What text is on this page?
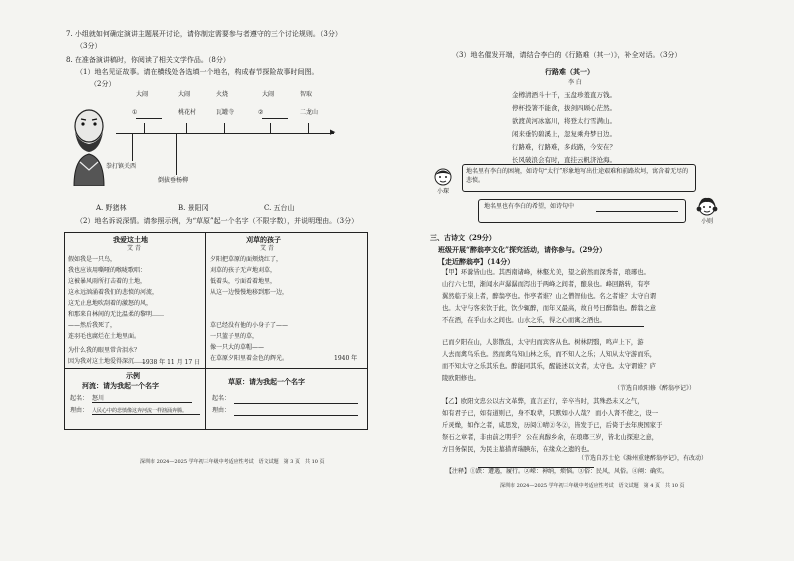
7. 小组就如何确定演讲主题展开讨论，请你制定需要参与者遵守的三个讨论规则。（3分）
（3分）
8. 在准备演讲稿时，你阅读了相关文学作品。（8分）
（1）地名见证故事。请在横线处各选填一个地名，构成春节探险故事时间图。
（2分）
大闹	大闹	火烧	大闹	智取
①	桃花村	瓦罐寺	②	二龙山
▶
拳打镇关西
倒拔垂杨柳
A. 野猪林	B. 景阳冈	C. 五台山
（2）地名诉说深情。请参照示例，为“草原”起一个名字（不限字数），并说明理由。（3分）
我爱这土地
艾 青
假如我是一只鸟，
我也应该用嘶哑的喉咙歌唱：
这被暴风雨所打击着的土地，
这永远汹涌着我们的悲愤的河流，
这无止息地吹刮着的激怒的风，
和那来自林间的无比温柔的黎明……
——然后我死了，
连羽毛也腐烂在土地里面。
为什么我的眼里常含泪水？
因为我对这土地爱得深沉……
1938 年 11 月 17 日
刈草的孩子
艾 青
夕阳把草原的面颊烧红了，
刈草的孩子无声地刈草，
低着头，亏面看着地里，
从这一边慢慢地移到那一边，
草已经没有他的小身子了——
一只篮子里的草，
像一只大的草帽——
在草原夕阳里着金色的辉光。	1940 年
示例
河流：请为我起一个名字
起名： 怒川
理由： 人民心中的悲愤像这奔河流一样汹涌奔腾。
草原：请为我起一个名字
起名：
理由：
深圳市 2024—2025 学年初三年级中考适应性考试　语文试题　第 3 页　共 10 页
（3）地名催发开端，请结合李白的《行路难（其一）》，补全对话。（3分）
行路难（其一）
李 白
金樽清酒斗十千，玉盘珍羞直万钱。
停杯投箸不能食，拔剑四顾心茫然。
欲渡黄河冰塞川，将登太行雪满山。
闲来垂钓碧溪上，忽复乘舟梦日边。
行路难，行路难，多歧路，今安在？
长风破浪会有时，直挂云帆济沧海。
小琛
地名里有李白的困境，如诗句“太行”形象地写出仕途艰难和前路坎坷，寓含着无尽的悲愤。
地名里也有李白的希望，如诗句中
小则
三、古诗文（29分）
班级开展“醉翁亭文化”探究活动，请你参与。（29分）
【走近醉翁亭】（14分）
【甲】环滁皆山也。其西南诸峰，林壑尤美，望之蔚然而深秀者，琅琊也。
山行六七里，渐闻水声潺潺而泻出于两峰之间者，酿泉也。峰回路转，有亭
翼然临于泉上者，醉翁亭也。作亭者谁？山之僧智仙也。名之者谁？太守自谓
也。太守与客来饮于此，饮少辄醉，而年又最高，故自号曰醉翁也。醉翁之意
不在酒，在乎山水之间也。山水之乐，得之心而寓之酒也。
已而夕阳在山，人影散乱，太守归而宾客从也。树林阴翳，鸣声上下，游
人去而禽鸟乐也。然而禽鸟知山林之乐，而不知人之乐；人知从太守游而乐，
而不知太守之乐其乐也。醉能同其乐，醒能述以文者，太守也。太守谓谁？庐
陵欧阳修也。
（节选自欧阳修《醉翁亭记》）
【乙】欧阳文忠公以古文革弊，直言正行，辛卒当时，其殊恐未又之气，
如有君子已，如有道则已，身不取辈，只默如小人哉？ 而小人肾不使之，设一
斤灵燥，如作之者，咸思发，历阅①晴②冬②，皆发于已，后倚于去年庚国家于
祭石之章者，非由前之明乎？ 公在真醇乡余，在琅瑯三岁，皆北山探迎之意，
方目务保民，为民主墓措青瑞腆东，在缘众之遗的也。
（节选自苏士伦《滁州重建醉翁亭记》，有改动）
【注释】①跌：遭遇，履行。②嵘：神纳，烦恼。③俗：民风，风俗。④阐：确实。
深圳市 2024—2025 学年初三年级中考适应性考试　语文试题　第 4 页　共 10 页
